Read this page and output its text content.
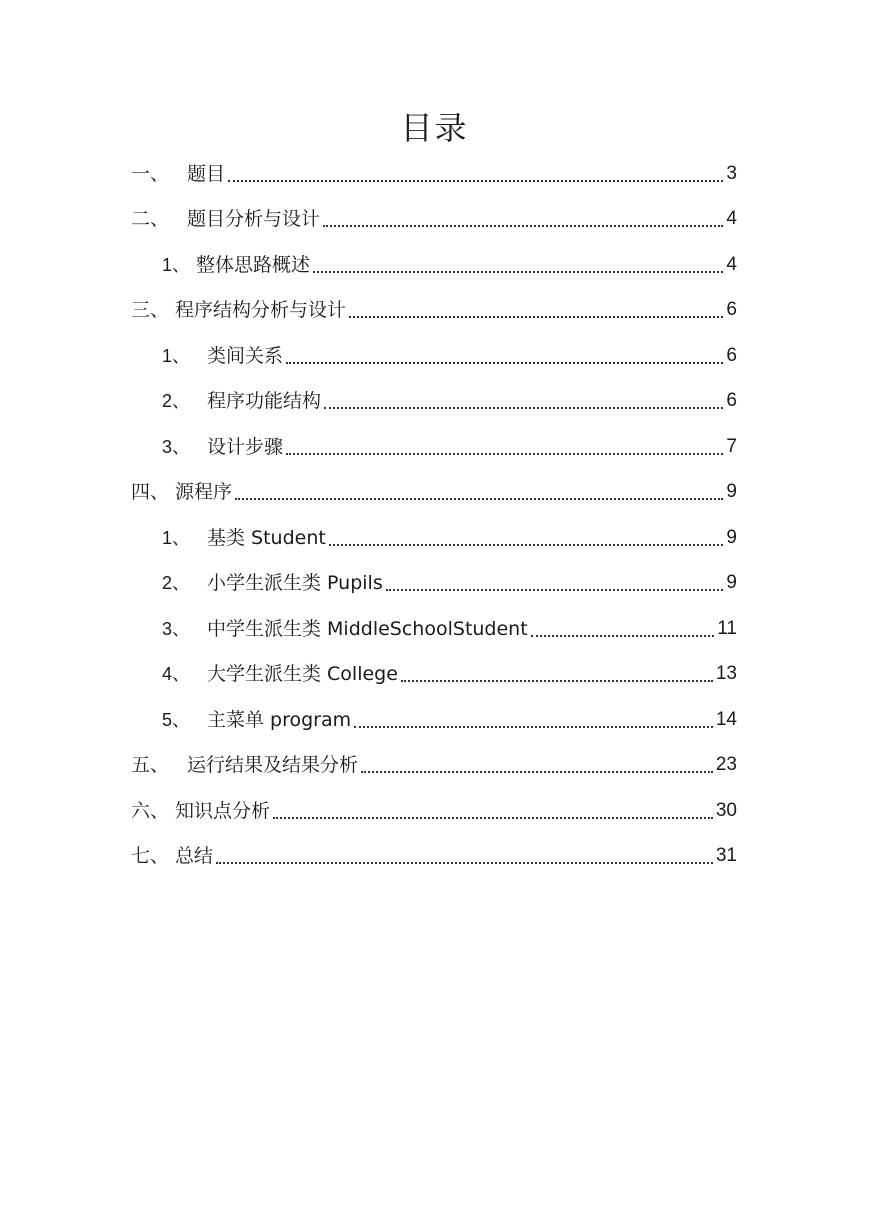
目录
一、 题目	3
二、 题目分析与设计	4
1、 整体思路概述	4
三、 程序结构分析与设计	6
1、 类间关系	6
2、 程序功能结构	6
3、 设计步骤	7
四、 源程序	9
1、 基类 Student	9
2、 小学生派生类 Pupils	9
3、 中学生派生类 MiddleSchoolStudent	11
4、 大学生派生类 College	13
5、 主菜单 program	14
五、 运行结果及结果分析	23
六、 知识点分析	30
七、 总结	31
